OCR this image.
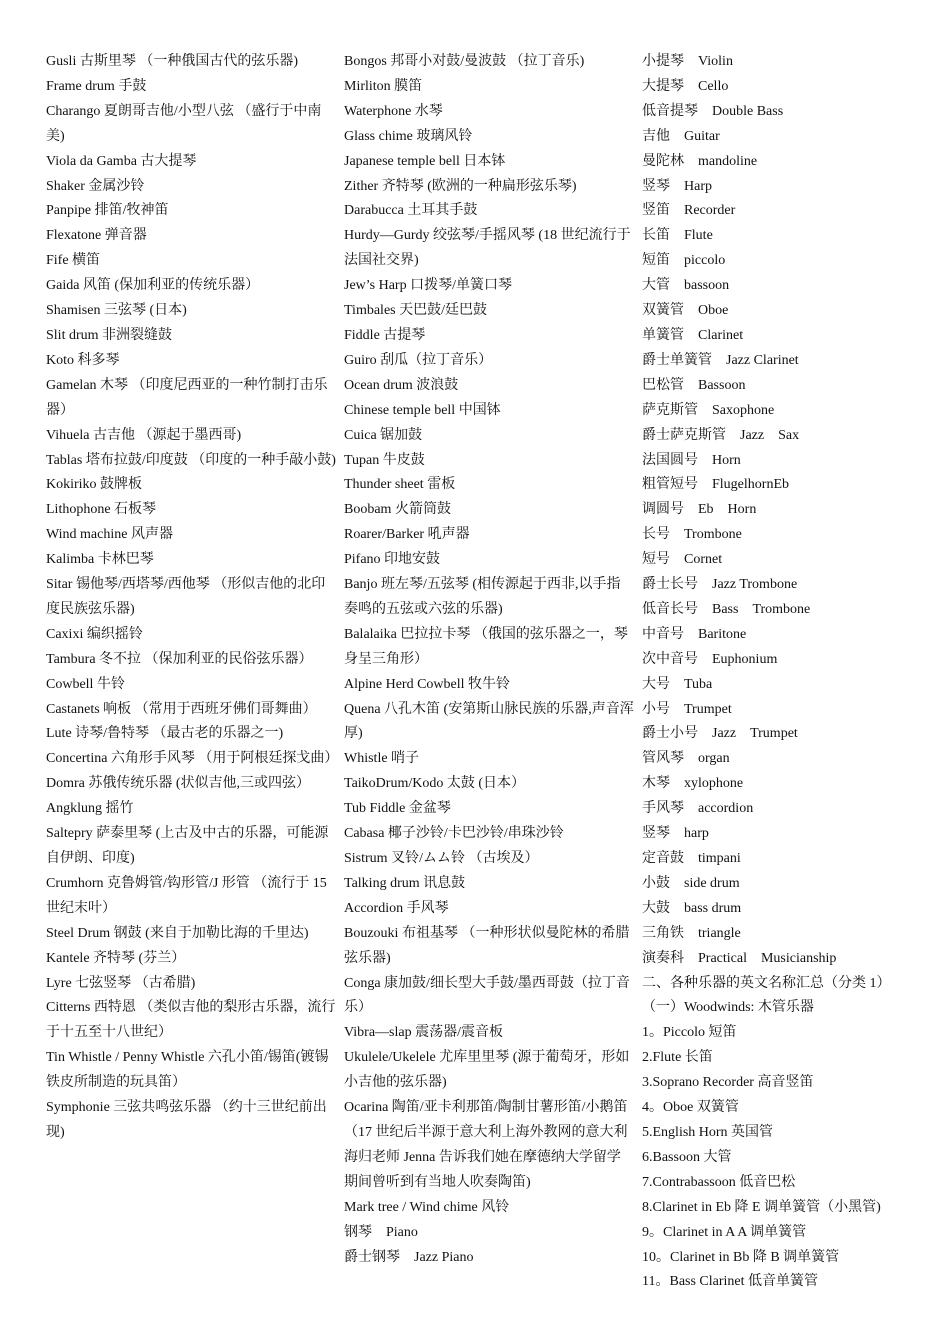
Gusli 古斯里琴 （一种俄国古代的弦乐器)
Frame drum 手鼓
Charango 夏朗哥吉他/小型八弦 （盛行于中南美)
Viola da Gamba 古大提琴
Shaker 金属沙铃
Panpipe 排笛/牧神笛
Flexatone 弹音器
Fife 横笛
Gaida 风笛 (保加利亚的传统乐器）
Shamisen 三弦琴 (日本)
Slit drum 非洲裂缝鼓
Koto 科多琴
Gamelan 木琴 （印度尼西亚的一种竹制打击乐器）
Vihuela 古吉他 （源起于墨西哥)
Tablas 塔布拉鼓/印度鼓 （印度的一种手敲小鼓)
Kokiriko 鼓牌板
Lithophone 石板琴
Wind machine 风声器
Kalimba 卡林巴琴
Sitar 锡他琴/西塔琴/西他琴 （形似吉他的北印度民族弦乐器)
Caxixi 编织摇铃
Tambura 冬不拉 （保加利亚的民俗弦乐器）
Cowbell 牛铃
Castanets 响板 （常用于西班牙佛们哥舞曲）
Lute 诗琴/鲁特琴 （最古老的乐器之一)
Concertina 六角形手风琴 （用于阿根廷探戈曲）
Domra 苏俄传统乐器 (状似吉他,三或四弦）
Angklung 摇竹
Saltepry 萨泰里琴 (上古及中古的乐器，可能源自伊朗、印度)
Crumhorn 克鲁姆管/钩形管/J 形管 （流行于 15 世纪末叶）
Steel Drum 钢鼓 (来自于加勒比海的千里达)
Kantele 齐特琴 (芬兰）
Lyre 七弦竖琴 （古希腊)
Citterns 西特恩 （类似吉他的梨形古乐器，流行于十五至十八世纪）
Tin Whistle / Penny Whistle 六孔小笛/锡笛(镀锡铁皮所制造的玩具笛）
Symphonie 三弦共鸣弦乐器 （约十三世纪前出现)
Bongos 邦哥小对鼓/曼波鼓 （拉丁音乐)
Mirliton 膜笛
Waterphone 水琴
Glass chime 玻璃风铃
Japanese temple bell 日本钵
Zither 齐特琴 (欧洲的一种扁形弦乐琴)
Darabucca 土耳其手鼓
Hurdy—Gurdy 绞弦琴/手摇风琴 (18 世纪流行于法国社交界)
Jew’s Harp 口拨琴/单簧口琴
Timbales 天巴鼓/廷巴鼓
Fiddle 古提琴
Guiro 刮瓜（拉丁音乐）
Ocean drum 波浪鼓
Chinese temple bell 中国钵
Cuica 锯加鼓
Tupan 牛皮鼓
Thunder sheet 雷板
Boobam 火箭筒鼓
Roarer/Barker 吼声器
Pifano 印地安鼓
Banjo 班左琴/五弦琴 (相传源起于西非,以手指奏鸣的五弦或六弦的乐器)
Balalaika 巴拉拉卡琴 （俄国的弦乐器之一，琴身呈三角形）
Alpine Herd Cowbell 牧牛铃
Quena 八孔木笛 (安第斯山脉民族的乐器,声音浑厚)
Whistle 哨子
TaikoDrum/Kodo 太鼓 (日本）
Tub Fiddle 金盆琴
Cabasa 椰子沙铃/卡巴沙铃/串珠沙铃
Sistrum 叉铃/ムム铃 （古埃及）
Talking drum 讯息鼓
Accordion 手风琴
Bouzouki 布祖基琴 （一种形状似曼陀林的希腊弦乐器)
Conga 康加鼓/细长型大手鼓/墨西哥鼓（拉丁音乐）
Vibra—slap 震荡器/震音板
Ukulele/Ukelele 尤库里里琴 (源于葡萄牙，形如小吉他的弦乐器)
Ocarina 陶笛/亚卡利那笛/陶制甘薯形笛/小鹅笛（17 世纪后半源于意大利上海外教网的意大利海归老师 Jenna 告诉我们她在摩德纳大学留学期间曾听到有当地人吹奏陶笛)
Mark tree / Wind chime 风铃
钢琴　Piano
爵士钢琴　Jazz Piano
小提琴　Violin
大提琴　Cello
低音提琴　Double Bass
吉他　Guitar
曼陀林　mandoline
竖琴　Harp
竖笛　Recorder
长笛　Flute
短笛　piccolo
大管　bassoon
双簧管　Oboe
单簧管　Clarinet
爵士单簧管　Jazz Clarinet
巴松管　Bassoon
萨克斯管　Saxophone
爵士萨克斯管　Jazz　Sax
法国圆号　Horn
粗管短号　FlugelhornEb
调圆号　Eb　Horn
长号　Trombone
短号　Cornet
爵士长号　Jazz Trombone
低音长号　Bass　Trombone
中音号　Baritone
次中音号　Euphonium
大号　Tuba
小号　Trumpet
爵士小号　Jazz　Trumpet
管风琴　organ
木琴　xylophone
手风琴　accordion
竖琴　harp
定音鼓　timpani
小鼓　side drum
大鼓　bass drum
三角铁　triangle
演奏科　Practical　Musicianship
二、各种乐器的英文名称汇总（分类 1）（一）Woodwinds: 木管乐器
1。Piccolo 短笛
2.Flute 长笛
3.Soprano Recorder 高音竖笛
4。Oboe 双簧管
5.English Horn 英国管
6.Bassoon 大管
7.Contrabassoon 低音巴松
8.Clarinet in Eb 降 E 调单簧管（小黑管)
9。Clarinet in A A 调单簧管
10。Clarinet in Bb 降 B 调单簧管
11。Bass Clarinet 低音单簧管
